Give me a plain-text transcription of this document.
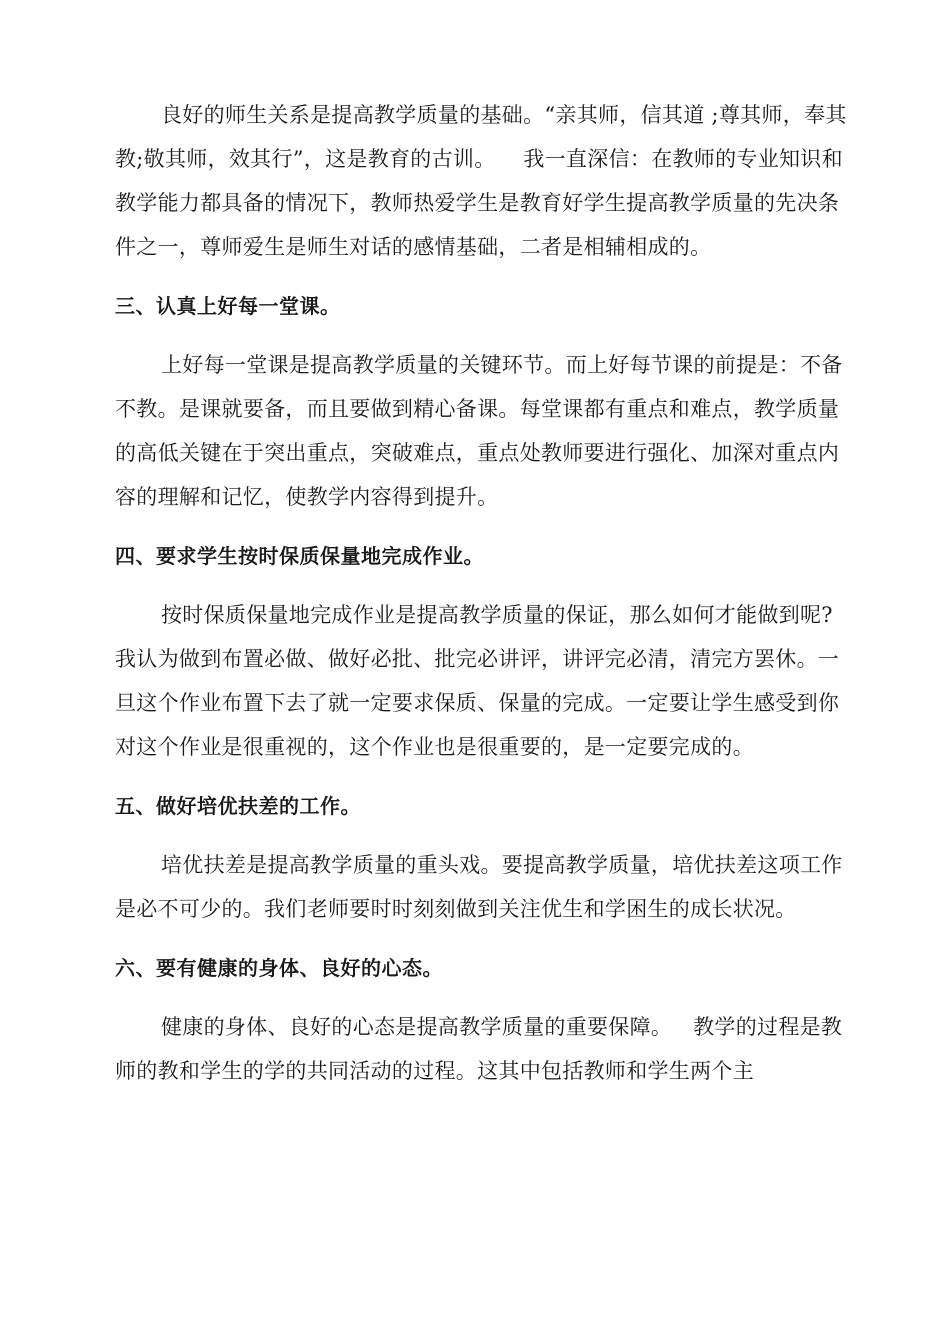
良好的师生关系是提高教学质量的基础。“亲其师，信其道 ;尊其师，奉其教;敬其师，效其行”，这是教育的古训。    我一直深信：在教师的专业知识和教学能力都具备的情况下，教师热爱学生是教育好学生提高教学质量的先决条件之一，尊师爱生是师生对话的感情基础，二者是相辅相成的。

三、认真上好每一堂课。

上好每一堂课是提高教学质量的关键环节。而上好每节课的前提是：不备不教。是课就要备，而且要做到精心备课。每堂课都有重点和难点，教学质量的高低关键在于突出重点，突破难点，重点处教师要进行强化、加深对重点内容的理解和记忆，使教学内容得到提升。

四、要求学生按时保质保量地完成作业。

按时保质保量地完成作业是提高教学质量的保证，那么如何才能做到呢?我认为做到布置必做、做好必批、批完必讲评，讲评完必清，清完方罢休。一旦这个作业布置下去了就一定要求保质、保量的完成。一定要让学生感受到你对这个作业是很重视的，这个作业也是很重要的，是一定要完成的。

五、做好培优扶差的工作。

培优扶差是提高教学质量的重头戏。要提高教学质量，培优扶差这项工作是必不可少的。我们老师要时时刻刻做到关注优生和学困生的成长状况。

六、要有健康的身体、良好的心态。

健康的身体、良好的心态是提高教学质量的重要保障。   教学的过程是教师的教和学生的学的共同活动的过程。这其中包括教师和学生两个主
